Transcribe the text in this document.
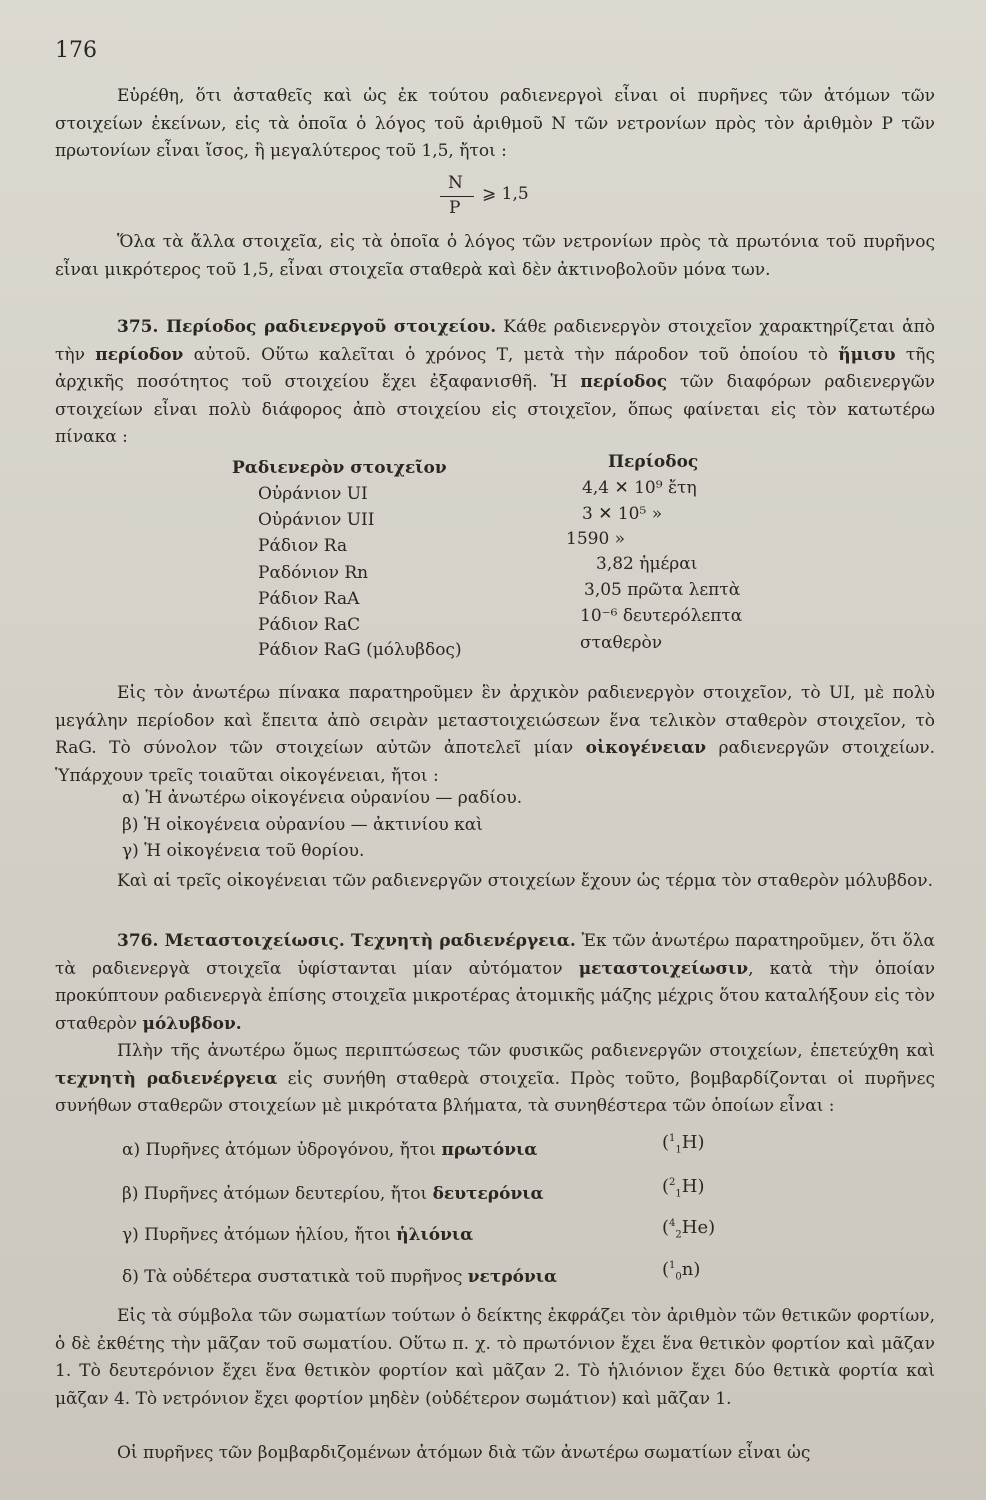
176

Εὑρέθη, ὅτι ἀσταθεῖς καὶ ὡς ἐκ τούτου ραδιενεργοὶ εἶναι οἱ πυρῆνες τῶν ἀτόμων τῶν στοιχείων ἐκείνων, εἰς τὰ ὁποῖα ὁ λόγος τοῦ ἀριθμοῦ Ν τῶν νετρονίων πρὸς τὸν ἀριθμὸν Ρ τῶν πρωτονίων εἶναι ἴσος, ἢ μεγαλύτερος τοῦ 1,5, ἤτοι :

N
P
⩾ 1,5

Ὅλα τὰ ἄλλα στοιχεῖα, εἰς τὰ ὁποῖα ὁ λόγος τῶν νετρονίων πρὸς τὰ πρωτόνια τοῦ πυρῆνος εἶναι μικρότερος τοῦ 1,5, εἶναι στοιχεῖα σταθερὰ καὶ δὲν ἀκτινοβολοῦν μόνα των.

375. Περίοδος ραδιενεργοῦ στοιχείου. Κάθε ραδιενεργὸν στοιχεῖον χαρακτηρίζεται ἀπὸ τὴν περίοδον αὐτοῦ. Οὕτω καλεῖται ὁ χρόνος Τ, μετὰ τὴν πάροδον τοῦ ὁποίου τὸ ἥμισυ τῆς ἀρχικῆς ποσότητος τοῦ στοιχείου ἔχει ἐξαφανισθῆ. Ἡ περίοδος τῶν διαφόρων ραδιενεργῶν στοιχείων εἶναι πολὺ διάφορος ἀπὸ στοιχείου εἰς στοιχεῖον, ὅπως φαίνεται εἰς τὸν κατωτέρω πίνακα :

Ραδιενερὸν στοιχεῖον	Περίοδος
Οὐράνιον UI	4,4 ✕ 10⁹ ἔτη
Οὐράνιον UII	3 ✕ 10⁵ »
Ράδιον Ra	1590 »
Ραδόνιον Rn	3,82 ἡμέραι
Ράδιον RaA	3,05 πρῶτα λεπτὰ
Ράδιον RaC	10⁻⁶ δευτερόλεπτα
Ράδιον RaG (μόλυβδος)	σταθερὸν

Εἰς τὸν ἀνωτέρω πίνακα παρατηροῦμεν ἓν ἀρχικὸν ραδιενεργὸν στοιχεῖον, τὸ UI, μὲ πολὺ μεγάλην περίοδον καὶ ἔπειτα ἀπὸ σειρὰν μεταστοιχειώσεων ἕνα τελικὸν σταθερὸν στοιχεῖον, τὸ RaG. Τὸ σύνολον τῶν στοιχείων αὐτῶν ἀποτελεῖ μίαν οἰκογένειαν ραδιενεργῶν στοιχείων. Ὑπάρχουν τρεῖς τοιαῦται οἰκογένειαι, ἤτοι :

α) Ἡ ἀνωτέρω οἰκογένεια οὐρανίου — ραδίου.
β) Ἡ οἰκογένεια οὐρανίου — ἀκτινίου καὶ
γ) Ἡ οἰκογένεια τοῦ θορίου.

Καὶ αἱ τρεῖς οἰκογένειαι τῶν ραδιενεργῶν στοιχείων ἔχουν ὡς τέρμα τὸν σταθερὸν μόλυβδον.

376. Μεταστοιχείωσις. Τεχνητὴ ραδιενέργεια. Ἐκ τῶν ἀνωτέρω παρατηροῦμεν, ὅτι ὅλα τὰ ραδιενεργὰ στοιχεῖα ὑφίστανται μίαν αὐτόματον μεταστοιχείωσιν, κατὰ τὴν ὁποίαν προκύπτουν ραδιενεργὰ ἐπίσης στοιχεῖα μικροτέρας ἀτομικῆς μάζης μέχρις ὅτου καταλήξουν εἰς τὸν σταθερὸν μόλυβδον.

Πλὴν τῆς ἀνωτέρω ὅμως περιπτώσεως τῶν φυσικῶς ραδιενεργῶν στοιχείων, ἐπετεύχθη καὶ τεχνητὴ ραδιενέργεια εἰς συνήθη σταθερὰ στοιχεῖα. Πρὸς τοῦτο, βομβαρδίζονται οἱ πυρῆνες συνήθων σταθερῶν στοιχείων μὲ μικρότατα βλήματα, τὰ συνηθέστερα τῶν ὁποίων εἶναι :

α) Πυρῆνες ἀτόμων ὑδρογόνου, ἤτοι πρωτόνια	($^1_1$H)
β) Πυρῆνες ἀτόμων δευτερίου, ἤτοι δευτερόνια	($^2_1$H)
γ) Πυρῆνες ἀτόμων ἡλίου, ἤτοι ἡλιόνια	($^4_2$He)
δ) Τὰ οὐδέτερα συστατικὰ τοῦ πυρῆνος νετρόνια	($^1_0$n)

Εἰς τὰ σύμβολα τῶν σωματίων τούτων ὁ δείκτης ἐκφράζει τὸν ἀριθμὸν τῶν θετικῶν φορτίων, ὁ δὲ ἐκθέτης τὴν μᾶζαν τοῦ σωματίου. Οὕτω π. χ. τὸ πρωτόνιον ἔχει ἕνα θετικὸν φορτίον καὶ μᾶζαν 1. Τὸ δευτερόνιον ἔχει ἕνα θετικὸν φορτίον καὶ μᾶζαν 2. Τὸ ἡλιόνιον ἔχει δύο θετικὰ φορτία καὶ μᾶζαν 4. Τὸ νετρόνιον ἔχει φορτίον μηδὲν (οὐδέτερον σωμάτιον) καὶ μᾶζαν 1.

Οἱ πυρῆνες τῶν βομβαρδιζομένων ἀτόμων διὰ τῶν ἀνωτέρω σωματίων εἶναι ὡς
